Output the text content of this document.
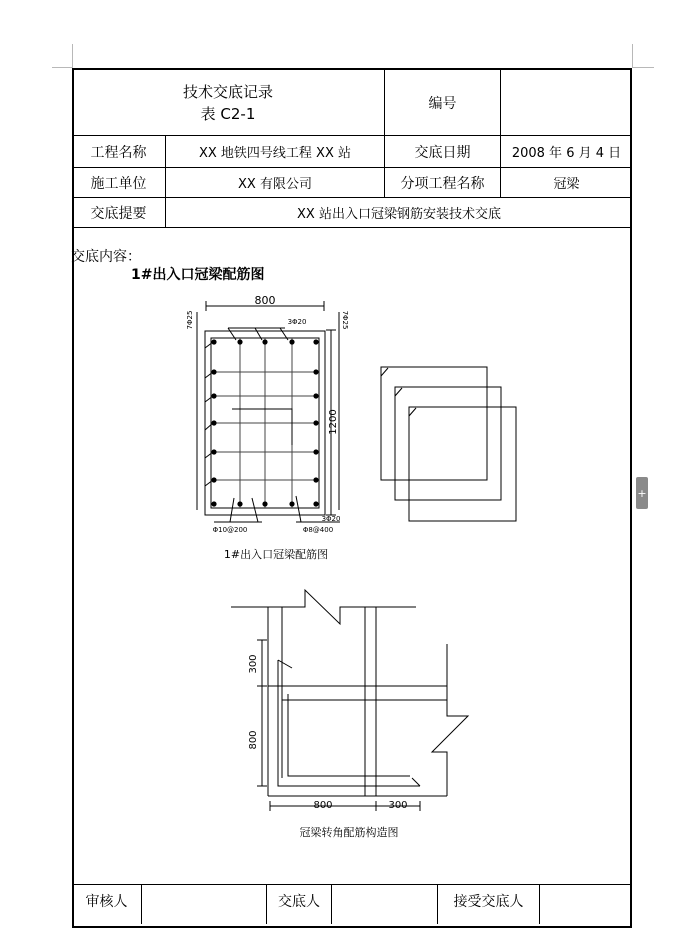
技术交底记录
表 C2-1
编号
工程名称	XX 地铁四号线工程 XX 站	交底日期	2008 年 6 月 4 日
施工单位	XX 有限公司	分项工程名称	冠梁
交底提要	XX 站出入口冠梁钢筋安装技术交底
交底内容：
1#出入口冠梁配筋图
800
3Φ20
7Φ25	7Φ25
1200
3Φ20
Φ10@200	Φ8@400
1#出入口冠梁配筋图
300
800
800	300
冠梁转角配筋构造图
审核人	交底人	接受交底人
+
